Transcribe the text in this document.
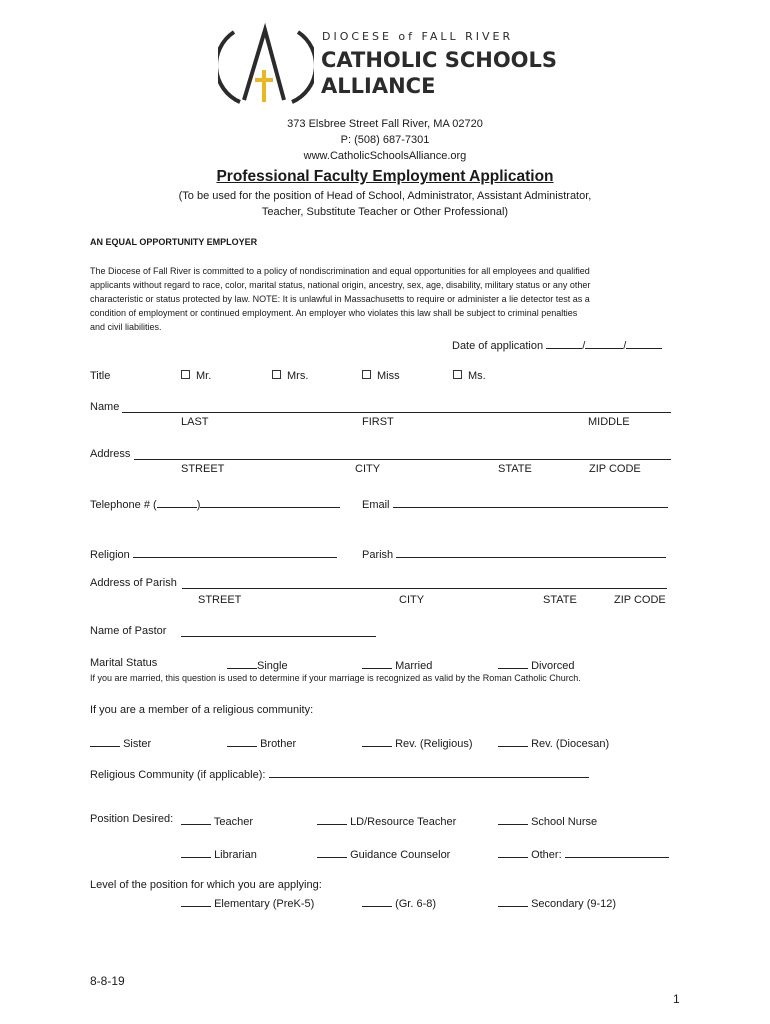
DIOCESE of FALL RIVER
CATHOLIC SCHOOLS
ALLIANCE
373 Elsbree Street Fall River, MA 02720
P: (508) 687-7301
www.CatholicSchoolsAlliance.org
Professional Faculty Employment Application
(To be used for the position of Head of School, Administrator, Assistant Administrator,
Teacher, Substitute Teacher or Other Professional)
AN EQUAL OPPORTUNITY EMPLOYER
The Diocese of Fall River is committed to a policy of nondiscrimination and equal opportunities for all employees and qualified
applicants without regard to race, color, marital status, national origin, ancestry, sex, age, disability, military status or any other
characteristic or status protected by law. NOTE: It is unlawful in Massachusetts to require or administer a lie detector test as a
condition of employment or continued employment. An employer who violates this law shall be subject to criminal penalties
and civil liabilities.
Date of application	/	/
Title	Mr.	Mrs.	Miss	Ms.
Name
LAST	FIRST	MIDDLE
Address
STREET	CITY	STATE	ZIP CODE
Telephone # (	)	Email
Religion	Parish
Address of Parish
STREET	CITY	STATE	ZIP CODE
Name of Pastor
Marital Status	Single	Married	Divorced
If you are married, this question is used to determine if your marriage is recognized as valid by the Roman Catholic Church.
If you are a member of a religious community:
Sister	Brother	Rev. (Religious)	Rev. (Diocesan)
Religious Community (if applicable):
Position Desired:	Teacher	LD/Resource Teacher	School Nurse
Librarian	Guidance Counselor	Other:
Level of the position for which you are applying:
Elementary (PreK-5)	(Gr. 6-8)	Secondary (9-12)
8-8-19
1
